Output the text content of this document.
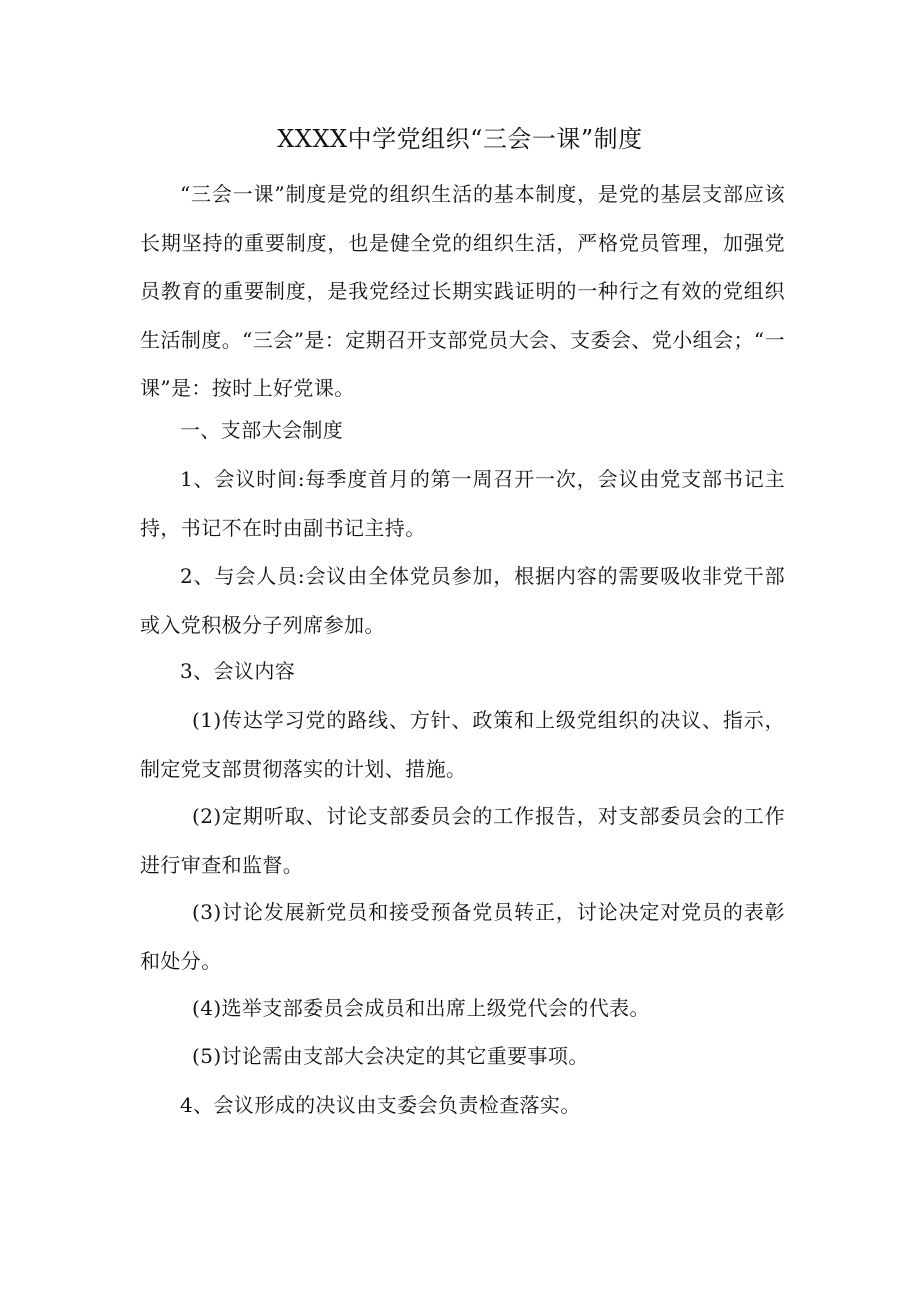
XXXX中学党组织“三会一课”制度

“三会一课”制度是党的组织生活的基本制度，是党的基层支部应该长期坚持的重要制度，也是健全党的组织生活，严格党员管理，加强党员教育的重要制度，是我党经过长期实践证明的一种行之有效的党组织生活制度。“三会”是：定期召开支部党员大会、支委会、党小组会；“一课”是：按时上好党课。

一、支部大会制度

1、会议时间:每季度首月的第一周召开一次，会议由党支部书记主持，书记不在时由副书记主持。

2、与会人员:会议由全体党员参加，根据内容的需要吸收非党干部或入党积极分子列席参加。

3、会议内容

(1)传达学习党的路线、方针、政策和上级党组织的决议、指示，制定党支部贯彻落实的计划、措施。

(2)定期听取、讨论支部委员会的工作报告，对支部委员会的工作进行审查和监督。

(3)讨论发展新党员和接受预备党员转正，讨论决定对党员的表彰和处分。

(4)选举支部委员会成员和出席上级党代会的代表。

(5)讨论需由支部大会决定的其它重要事项。

4、会议形成的决议由支委会负责检查落实。
